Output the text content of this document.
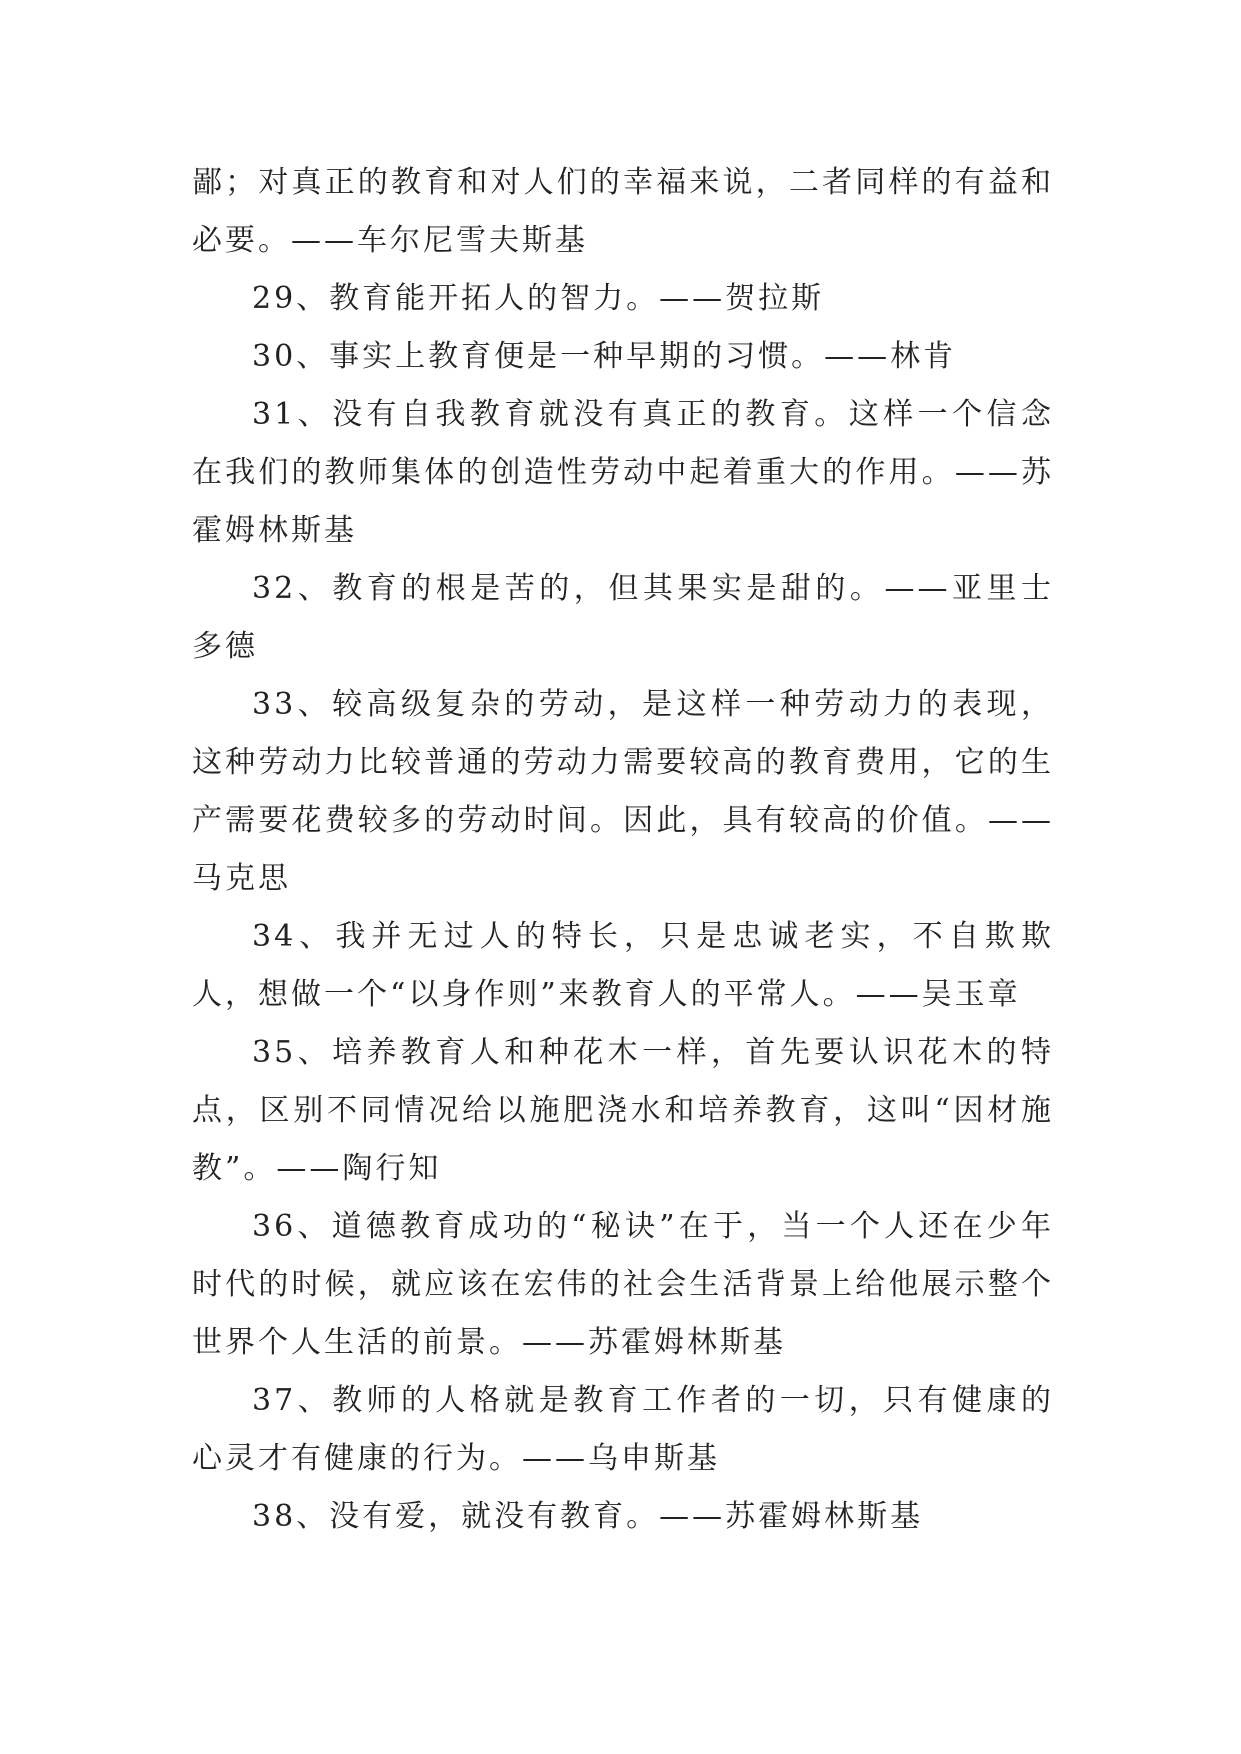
鄙；对真正的教育和对人们的幸福来说，二者同样的有益和必要。——车尔尼雪夫斯基

29、教育能开拓人的智力。——贺拉斯

30、事实上教育便是一种早期的习惯。——林肯

31、没有自我教育就没有真正的教育。这样一个信念在我们的教师集体的创造性劳动中起着重大的作用。——苏霍姆林斯基

32、教育的根是苦的，但其果实是甜的。——亚里士多德

33、较高级复杂的劳动，是这样一种劳动力的表现，这种劳动力比较普通的劳动力需要较高的教育费用，它的生产需要花费较多的劳动时间。因此，具有较高的价值。——马克思

34、我并无过人的特长，只是忠诚老实，不自欺欺人，想做一个“以身作则”来教育人的平常人。——吴玉章

35、培养教育人和种花木一样，首先要认识花木的特点，区别不同情况给以施肥浇水和培养教育，这叫“因材施教”。——陶行知

36、道德教育成功的“秘诀”在于，当一个人还在少年时代的时候，就应该在宏伟的社会生活背景上给他展示整个世界个人生活的前景。——苏霍姆林斯基

37、教师的人格就是教育工作者的一切，只有健康的心灵才有健康的行为。——乌申斯基

38、没有爱，就没有教育。——苏霍姆林斯基
